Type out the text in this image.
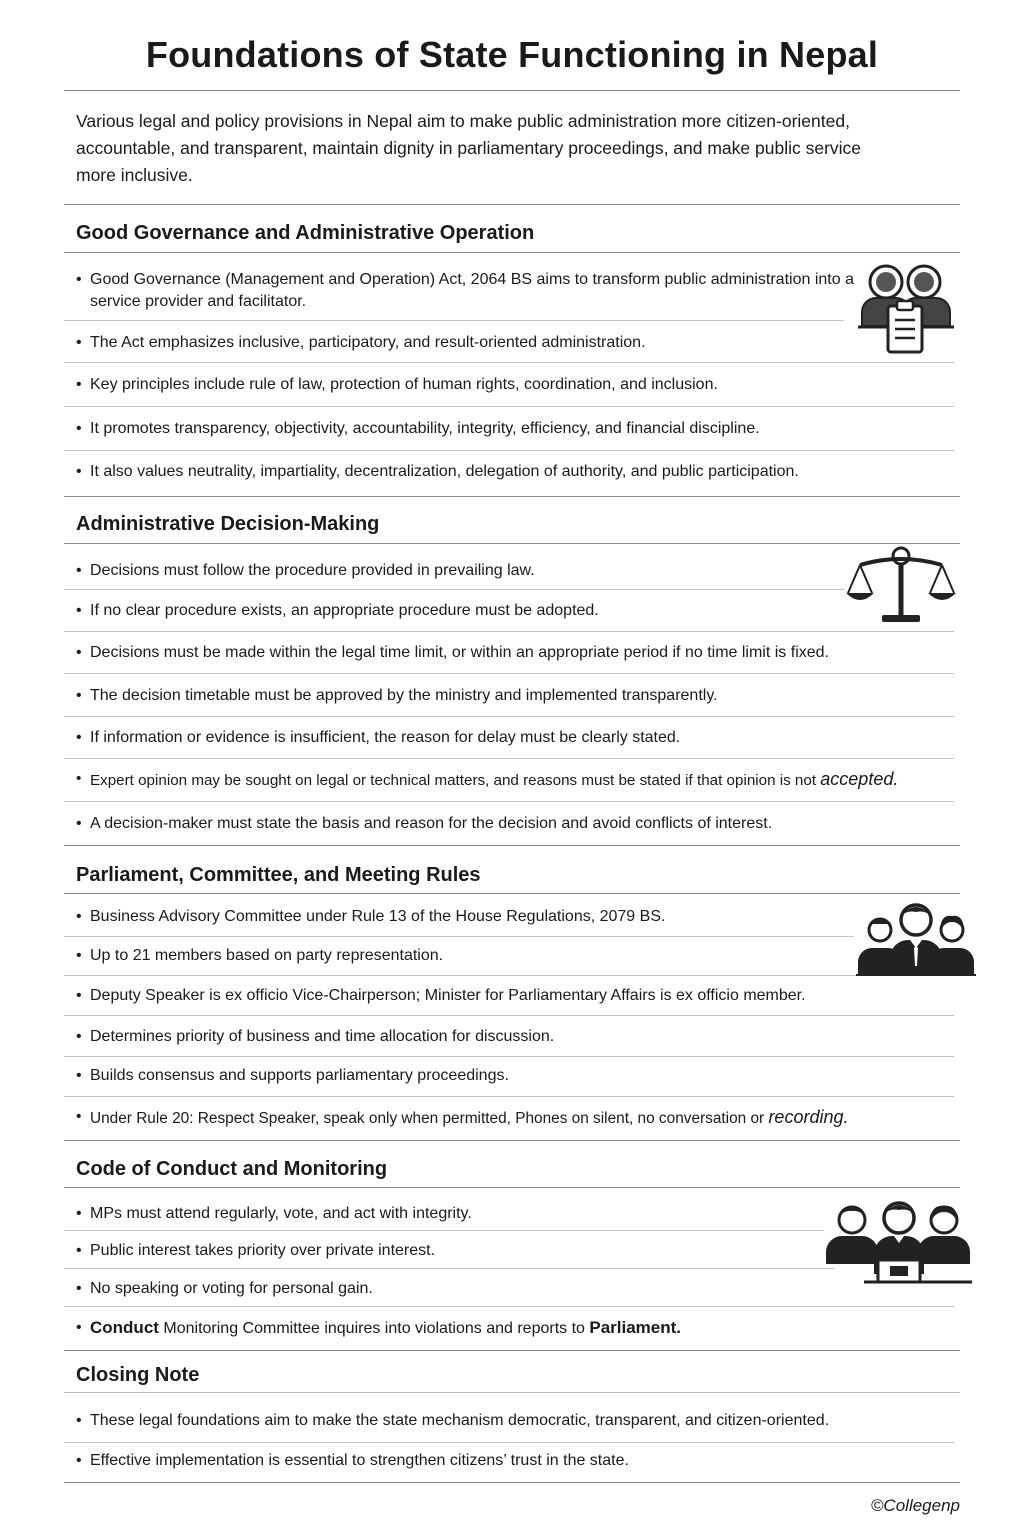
Foundations of State Functioning in Nepal
Various legal and policy provisions in Nepal aim to make public administration more citizen-oriented, accountable, and transparent, maintain dignity in parliamentary proceedings, and make public service more inclusive.
Good Governance and Administrative Operation
• Good Governance (Management and Operation) Act, 2064 BS aims to transform public administration into a service provider and facilitator.
• The Act emphasizes inclusive, participatory, and result-oriented administration.
• Key principles include rule of law, protection of human rights, coordination, and inclusion.
• It promotes transparency, objectivity, accountability, integrity, efficiency, and financial discipline.
• It also values neutrality, impartiality, decentralization, delegation of authority, and public participation.
Administrative Decision-Making
• Decisions must follow the procedure provided in prevailing law.
• If no clear procedure exists, an appropriate procedure must be adopted.
• Decisions must be made within the legal time limit, or within an appropriate period if no time limit is fixed.
• The decision timetable must be approved by the ministry and implemented transparently.
• If information or evidence is insufficient, the reason for delay must be clearly stated.
• Expert opinion may be sought on legal or technical matters, and reasons must be stated if that opinion is not accepted.
• A decision-maker must state the basis and reason for the decision and avoid conflicts of interest.
Parliament, Committee, and Meeting Rules
• Business Advisory Committee under Rule 13 of the House Regulations, 2079 BS.
• Up to 21 members based on party representation.
• Deputy Speaker is ex officio Vice-Chairperson; Minister for Parliamentary Affairs is ex officio member.
• Determines priority of business and time allocation for discussion.
• Builds consensus and supports parliamentary proceedings.
• Under Rule 20: Respect Speaker, speak only when permitted, Phones on silent, no conversation or recording.
Code of Conduct and Monitoring
• MPs must attend regularly, vote, and act with integrity.
• Public interest takes priority over private interest.
• No speaking or voting for personal gain.
• Conduct Monitoring Committee inquires into violations and reports to Parliament.
Closing Note
• These legal foundations aim to make the state mechanism democratic, transparent, and citizen-oriented.
• Effective implementation is essential to strengthen citizens’ trust in the state.
©Collegenp
